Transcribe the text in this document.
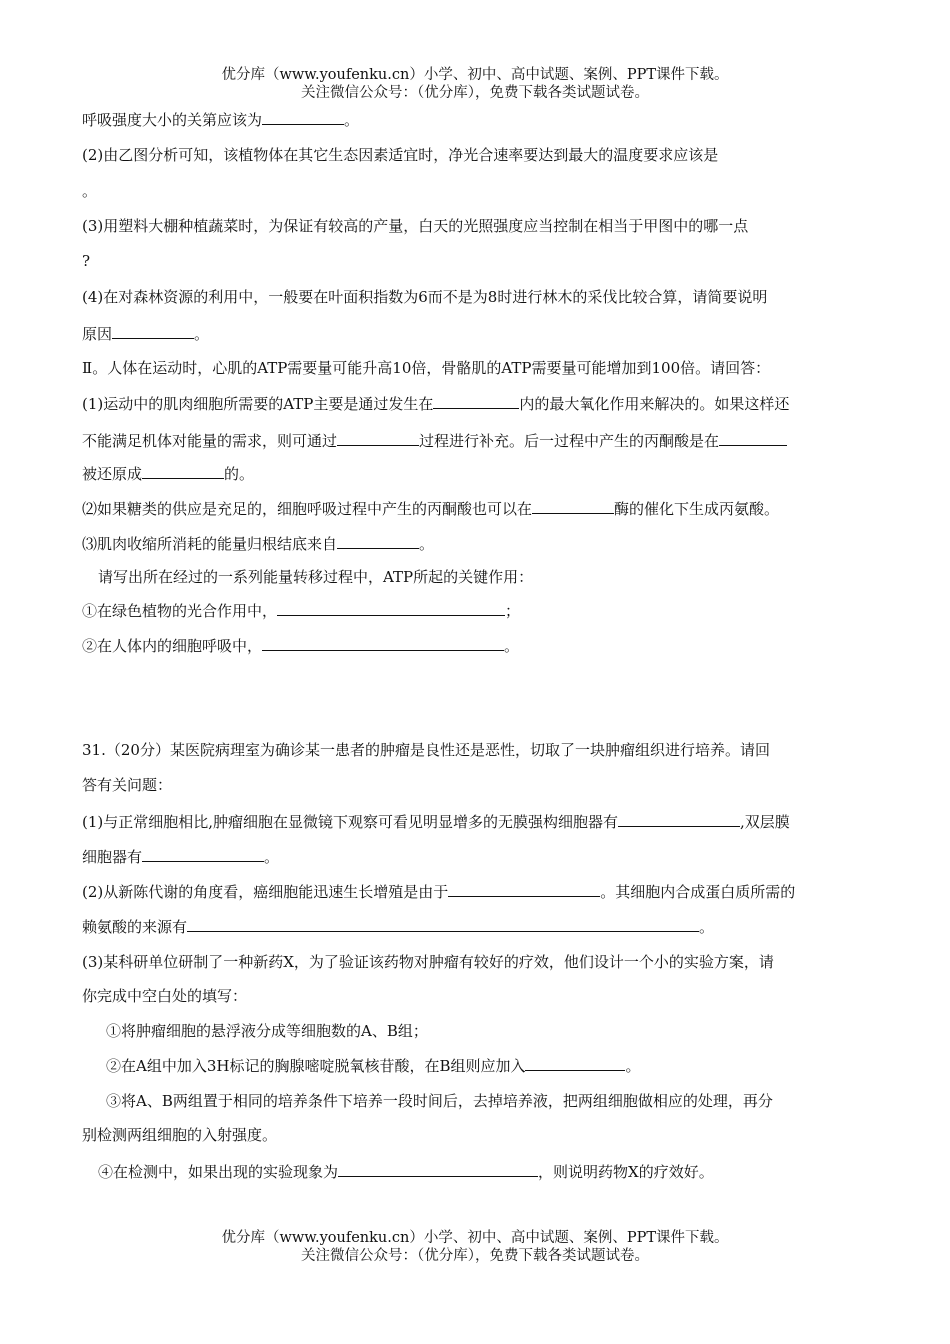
优分库（www.youfenku.cn）小学、初中、高中试题、案例、PPT课件下载。
关注微信公众号：（优分库），免费下载各类试题试卷。
呼吸强度大小的关第应该为	。
(2)由乙图分析可知，该植物体在其它生态因素适宜时，净光合速率要达到最大的温度要求应该是
。
(3)用塑料大棚种植蔬菜时，为保证有较高的产量，白天的光照强度应当控制在相当于甲图中的哪一点
?
(4)在对森林资源的利用中，一般要在叶面积指数为6而不是为8时进行林木的采伐比较合算，请简要说明
原因	。
Ⅱ。人体在运动时，心肌的ATP需要量可能升高10倍，骨骼肌的ATP需要量可能增加到100倍。请回答：
(1)运动中的肌肉细胞所需要的ATP主要是通过发生在	内的最大氧化作用来解决的。如果这样还
不能满足机体对能量的需求，则可通过	过程进行补充。后一过程中产生的丙酮酸是在
被还原成	的。
⑵如果糖类的供应是充足的，细胞呼吸过程中产生的丙酮酸也可以在	酶的催化下生成丙氨酸。
⑶肌肉收缩所消耗的能量归根结底来自	。
请写出所在经过的一系列能量转移过程中，ATP所起的关键作用：
①在绿色植物的光合作用中，	；
②在人体内的细胞呼吸中，	。
31.（20分）某医院病理室为确诊某一患者的肿瘤是良性还是恶性，切取了一块肿瘤组织进行培养。请回
答有关问题：
(1)与正常细胞相比,肿瘤细胞在显微镜下观察可看见明显增多的无膜强构细胞器有	,双层膜
细胞器有	。
(2)从新陈代谢的角度看，癌细胞能迅速生长增殖是由于	。其细胞内合成蛋白质所需的
赖氨酸的来源有	。
(3)某科研单位研制了一种新药X，为了验证该药物对肿瘤有较好的疗效，他们设计一个小的实验方案，请
你完成中空白处的填写：
①将肿瘤细胞的悬浮液分成等细胞数的A、B组；
②在A组中加入3H标记的胸腺嘧啶脱氧核苷酸，在B组则应加入	。
③将A、B两组置于相同的培养条件下培养一段时间后，去掉培养液，把两组细胞做相应的处理，再分
别检测两组细胞的入射强度。
④在检测中，如果出现的实验现象为	，则说明药物X的疗效好。
优分库（www.youfenku.cn）小学、初中、高中试题、案例、PPT课件下载。
关注微信公众号：（优分库），免费下载各类试题试卷。
